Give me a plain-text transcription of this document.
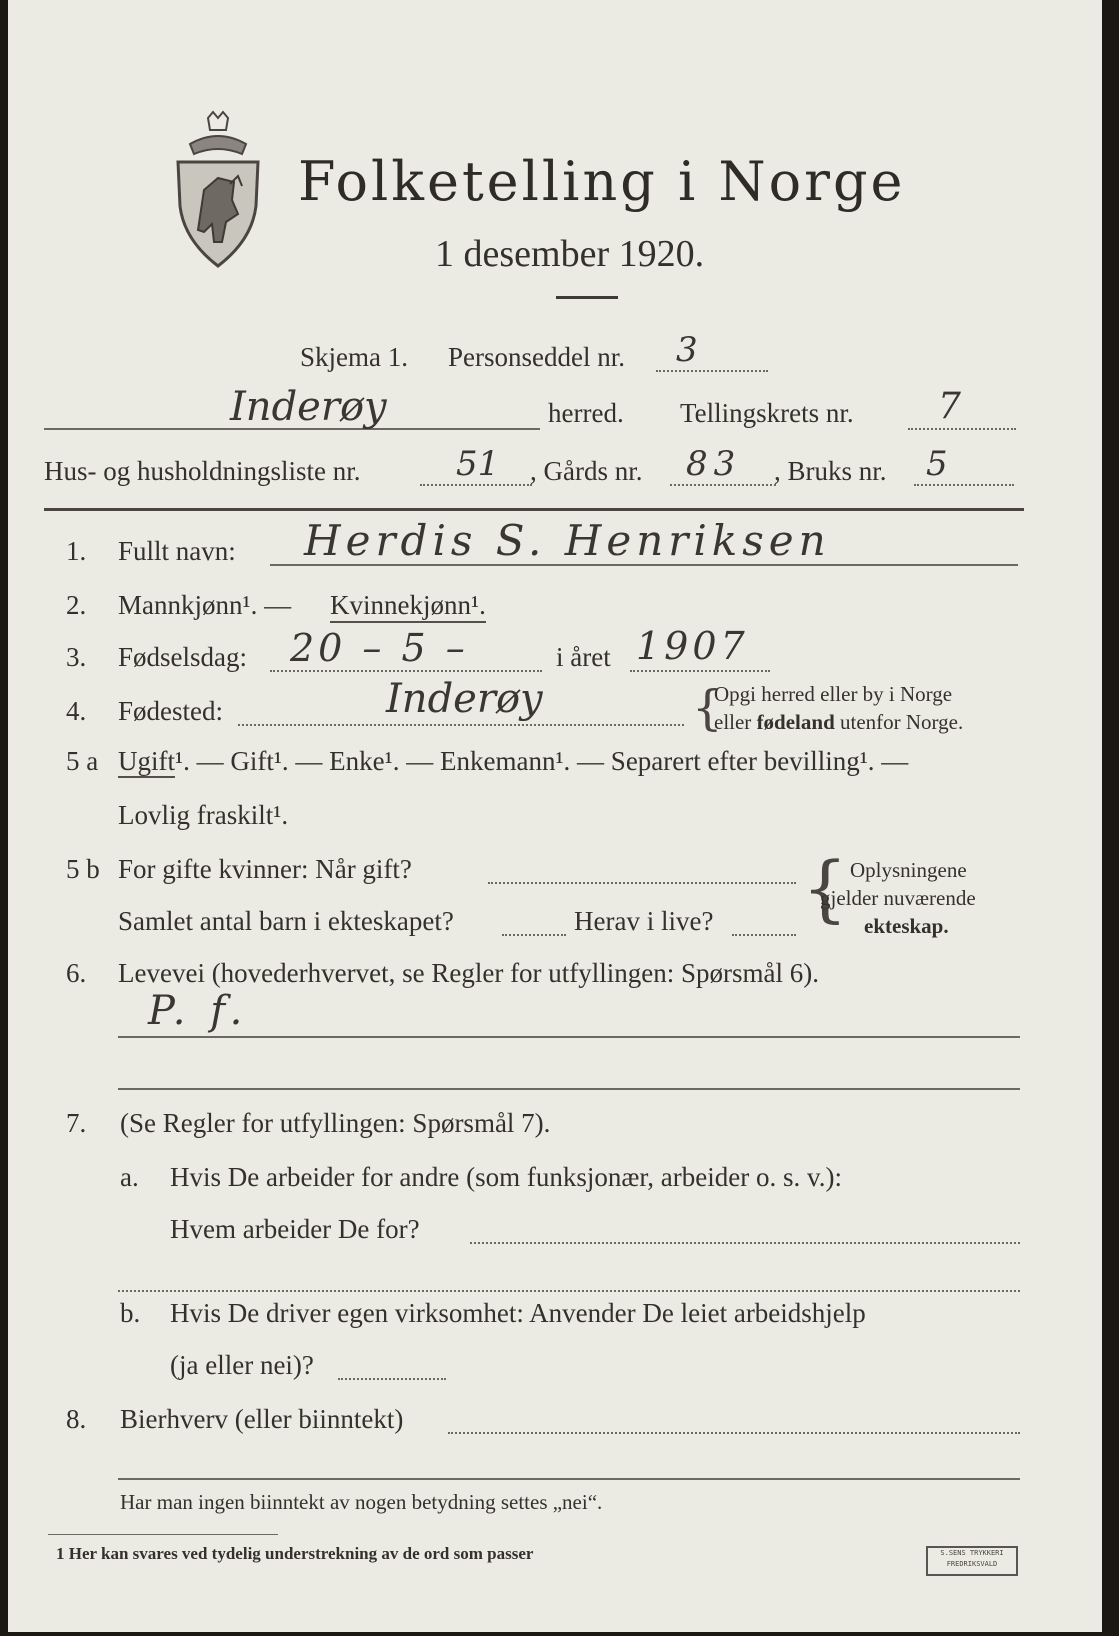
Folketelling i Norge
1 desember 1920.
Skjema 1. Personseddel nr. 3
Inderøy	herred. Tellingskrets nr. 7
Hus- og husholdningsliste nr.	51 , Gårds nr. 83 , Bruks nr. 5
1. Fullt navn: Herdis S. Henriksen
2. Mannkjønn¹. — Kvinnekjønn¹.
3. Fødselsdag: 20 – 5 –	i året 1907
4. Fødested:	Inderøy	{
Opgi herred eller by i Norge
eller fødeland utenfor Norge.
5 a Ugift¹. — Gift¹. — Enke¹. — Enkemann¹. — Separert efter bevilling¹. —
Lovlig fraskilt¹.
5 b For gifte kvinner: Når gift?
Samlet antal barn i ekteskapet?	Herav i live? { Oplysningene
gjelder nuværende
ekteskap.
6. Levevei (hovederhvervet, se Regler for utfyllingen: Spørsmål 6).
P. f.
7. (Se Regler for utfyllingen: Spørsmål 7).
a. Hvis De arbeider for andre (som funksjonær, arbeider o. s. v.):
Hvem arbeider De for?
b. Hvis De driver egen virksomhet: Anvender De leiet arbeidshjelp
(ja eller nei)?
8. Bierhverv (eller biinntekt)
Har man ingen biinntekt av nogen betydning settes „nei“.
1 Her kan svares ved tydelig understrekning av de ord som passer	S.SENS TRYKKERI
FREDRIKSVALD
